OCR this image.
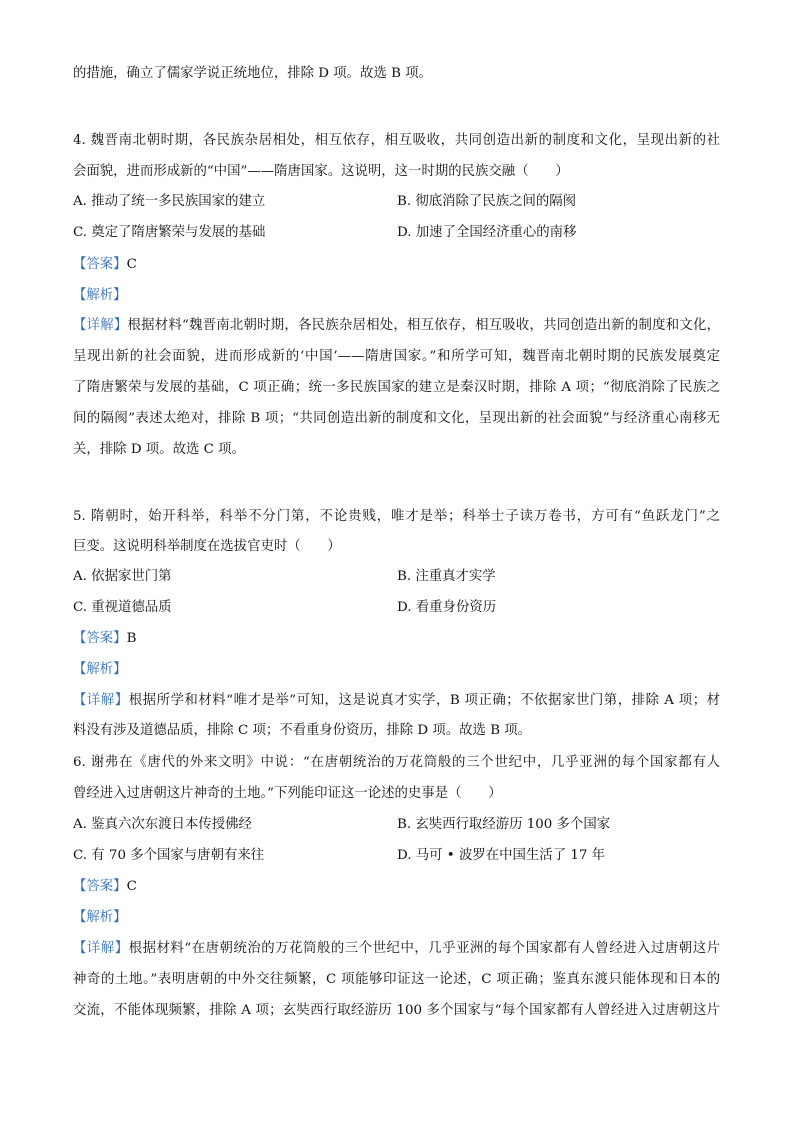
的措施，确立了儒家学说正统地位，排除 D 项。故选 B 项。
4. 魏晋南北朝时期，各民族杂居相处，相互依存，相互吸收，共同创造出新的制度和文化，呈现出新的社
会面貌，进而形成新的“中国”——隋唐国家。这说明，这一时期的民族交融（　　）
A. 推动了统一多民族国家的建立	B. 彻底消除了民族之间的隔阂
C. 奠定了隋唐繁荣与发展的基础	D. 加速了全国经济重心的南移
【答案】C
【解析】
【详解】根据材料“魏晋南北朝时期，各民族杂居相处，相互依存，相互吸收，共同创造出新的制度和文化，
呈现出新的社会面貌，进而形成新的‘中国’——隋唐国家。”和所学可知，魏晋南北朝时期的民族发展奠定
了隋唐繁荣与发展的基础，C 项正确；统一多民族国家的建立是秦汉时期，排除 A 项；“彻底消除了民族之
间的隔阂”表述太绝对，排除 B 项；“共同创造出新的制度和文化，呈现出新的社会面貌”与经济重心南移无
关，排除 D 项。故选 C 项。
5. 隋朝时，始开科举，科举不分门第，不论贵贱，唯才是举；科举士子读万卷书，方可有“鱼跃龙门”之
巨变。这说明科举制度在选拔官吏时（　　）
A. 依据家世门第	B. 注重真才实学
C. 重视道德品质	D. 看重身份资历
【答案】B
【解析】
【详解】根据所学和材料“唯才是举”可知，这是说真才实学，B 项正确；不依据家世门第，排除 A 项；材
料没有涉及道德品质，排除 C 项；不看重身份资历，排除 D 项。故选 B 项。
6. 谢弗在《唐代的外来文明》中说：“在唐朝统治的万花筒般的三个世纪中，几乎亚洲的每个国家都有人
曾经进入过唐朝这片神奇的土地。”下列能印证这一论述的史事是（　　）
A. 鉴真六次东渡日本传授佛经	B. 玄奘西行取经游历 100 多个国家
C. 有 70 多个国家与唐朝有来往	D. 马可 • 波罗在中国生活了 17 年
【答案】C
【解析】
【详解】根据材料“在唐朝统治的万花筒般的三个世纪中，几乎亚洲的每个国家都有人曾经进入过唐朝这片
神奇的土地。”表明唐朝的中外交往频繁，C 项能够印证这一论述，C 项正确；鉴真东渡只能体现和日本的
交流，不能体现频繁，排除 A 项；玄奘西行取经游历 100 多个国家与“每个国家都有人曾经进入过唐朝这片
